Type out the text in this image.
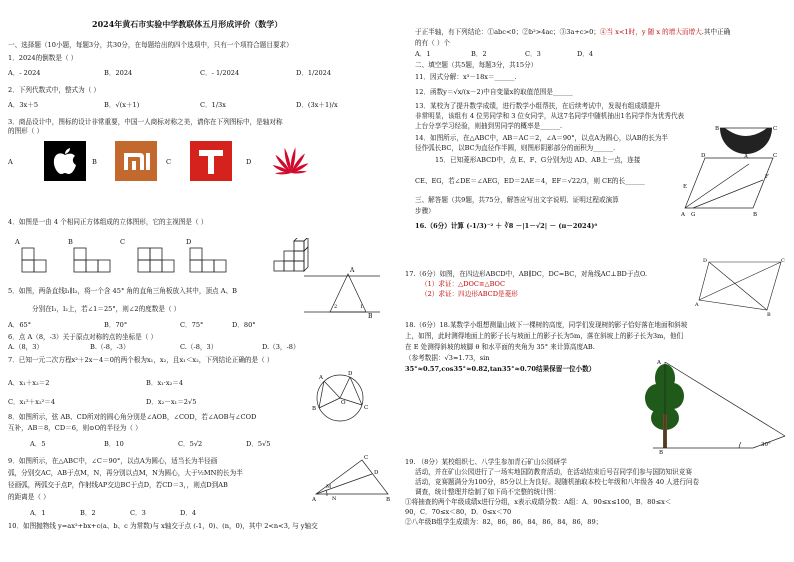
2024年黄石市实验中学教联体五月形成评价（数学）
一、选择题（10小题，每题3分，共30分，在每题给出的四个选项中，只有一个项符合题目要求）
1．2024的倒数是（ ）
A．- 2024	B．2024	C．- 1/2024	D．1/2024
2．下列代数式中，整式为（ ）
A．3x＋5	B．√(x＋1)	C．1/3x	D．(3x＋1)/x
3．商品设计中，图标的设计非常重要，中国一人商标对称之美，请你在下列图标中，是轴对称
的图形（ ）
A	B	C	D
4．如图是一由 4 个相同正方体组成的立体图形，它的主视图是（ ）
A	B	C	D
5．如图，两条直线l₁∥l₂，将一个含 45° 角的直角三角板放入其中，顶点 A、B
分别在l₁，l₂上，若∠1＝25°，则∠2的度数是（ ）
A
B
2	1
A．65°	B．70°	C．75°	D．80°
6．点 A（8，-3）关于原点对称的点的坐标是（ ）
A.（8，3）	B.（-8，-3）	C.（-8，3）	D.（3，-8）
7．已知一元二次方程x²＋2x－4＝0的两个根为x₁，x₂，且x₁＜x₂，下列结论正确的是（ ）
A．x₁＋x₂＝2	B．x₁·x₂＝4
C．x₁²＋x₂²＝4	D．x₂－x₁＝2√5
D
C
B
A
O
8．如图所示，弦 AB、CD所对的圆心角分别是∠AOB，∠COD，若∠AOB与∠COD
互补，AB＝8，CD＝6，则⊙O的半径为（ ）
A．5	B．10	C．5√2	D．5√5
9．如图所示，在△ABC中，∠C＝90°，以点A为圆心，适当长为半径画
弧，分别交AC，AB于点M，N，再分别以点M，N为圆心，大于½MN的长为半
径画弧，两弧交于点P，作射线AP交边BC于点D，若CD＝3，，则点D到AB
的距离是（ ）
C
A	B
D
M
N
A．1	B．2	C．3	D．4
10．如图抛物线 y=ax²+bx+c(a、b、c 为常数)与 x轴交于点 (-1，0)、(n，0)，其中 2<n<3, 与 y轴交
于正半轴，有下列结论：①abc<0；②b²>4ac；③3a+c>0；④当 x<1时，y 随 x 的增大而增大.其中正确
的有（ ）个
A．1	B．2	C．3	D．4
二、填空题（共5题，每题3分，共15分）
11．因式分解：x³－18x＝______.
12．函数y＝√x/(x－2)中自变量x的取值范围是______
13．某校为了提升数学成绩，进行数学小组帮扶，在后续考试中，发现有组成绩提升
非常明显，该组有 4 位男同学和 3 位女同学，从这7名同学中随机抽出1名同学作为优秀代表
上台分享学习经验，则抽到男同学的概率是______.
14．如图所示，在△ABC中，AB＝AC＝2，∠A＝90°，以点A为圆心，以AB的长为半
径作弧长BC，以BC为直径作半圆，则图形阴影部分的面积为______.
B	C
A
15．已知菱形ABCD中，点 E、F、G分别为边 AD、AB上一点，连接
CE、EG，若∠DE＝∠AEG，ED＝2AE＝4，EF＝√22/3，则 CE的长______
A G	B
C
D
F
E
三、解答题（共9题，共75分，解答应写出文字说明、证明过程或演算
步骤）
16.（6分）计算 (-1/3)⁻² ＋ ∛8 －|1－√2| － (π－2024)⁰
17.（6分）如图，在四边形ABCD中，AB∥DC，DC=BC，对角线AC⊥BD于点O.
（1）求证：△DOC≌△BOC
（2）求证：四边形ABCD是菱形
D	C
A
B
18.（6分）18.某数学小组想测量山坡下一棵树的高度，同学们发现树的影子恰好落在地面和斜坡
上，如图，此时测得地面上的影子长与坡面上的影子长为5m，落在斜坡上的影子长为3m，他们
在 E 处测得斜坡的坡脚 θ 和水平面的夹角为 35° 来计算高度AB.
（参考数据：√3≈1.73，sin
35°≈0.57,cos35°≈0.82,tan35°≈0.70结果保留一位小数）
A
B
30°
19. （8分）某校组织七、八学生参加青石矿山公园研学
活动，并在矿山公园进行了一场实地国防教育活动，在活动结束后号召同学们参与国防知识竞赛
活动，竞赛题满分为100分，85分以上为良好。现随机抽取本校七年级和八年级各 40 人进行问卷
调查，统计整理并绘制了如下尚不完整的统计图：
①将抽查的两个年级成绩x进行分组，x表示成绩分数：A组：A．90≤x≤100，B．80≤x＜
90，C．70≤x＜80，D．0≤x＜70
②八年级B组学生成绩为：82，86，86，84，86，84，86，89；
